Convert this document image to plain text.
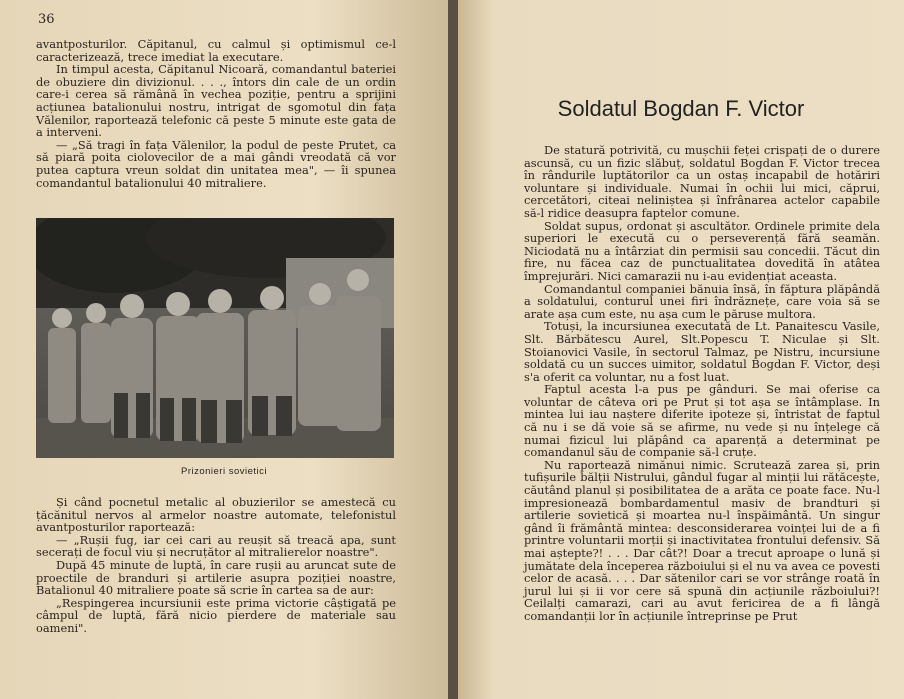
36

avantposturilor. Căpitanul, cu calmul și optimismul ce-l caracterizează, trece imediat la executare.

In timpul acesta, Căpitanul Nicoară, comandantul bateriei de obuziere din divizionul. . . ., întors din cale de un ordin care-i cerea să rămână în vechea poziție, pentru a sprijini acțiunea batalionului nostru, intrigat de sgomotul din fața Vălenilor, raportează telefonic că peste 5 minute este gata de a interveni.

— „Să tragi în fața Vălenilor, la podul de peste Prutet, ca să piară poita ciolovecilor de a mai gândi vreodată că vor putea captura vreun soldat din unitatea mea", — îi spunea comandantul batalionului 40 mitraliere.

Prizonieri sovietici

Și când pocnetul metalic al obuzierilor se amestecă cu țăcănitul nervos al armelor noastre automate, telefonistul avantposturilor raportează:

— „Rușii fug, iar cei cari au reușit să treacă apa, sunt secerați de focul viu și necruțător al mitralierelor noastre".

După 45 minute de luptă, în care rușii au aruncat sute de proectile de branduri și artilerie asupra poziției noastre, Batalionul 40 mitraliere poate să scrie în cartea sa de aur:

„Respingerea incursiunii este prima victorie câștigată pe câmpul de luptă, fără nicio pierdere de materiale sau oameni".

Soldatul Bogdan F. Victor

De statură potrivită, cu mușchii feței crispați de o durere ascunsă, cu un fizic slăbuț, soldatul Bogdan F. Victor trecea în rândurile luptătorilor ca un ostaș incapabil de hotăriri voluntare și individuale. Numai în ochii lui mici, căprui, cercetători, citeai neliniștea și înfrânarea actelor capabile să-l ridice deasupra faptelor comune.

Soldat supus, ordonat și ascultător. Ordinele primite dela superiori le execută cu o perseverență fără seamăn. Niciodată nu a întârziat din permisii sau concedii. Tăcut din fire, nu făcea caz de punctualitatea dovedită în atâtea împrejurări. Nici camarazii nu i-au evidențiat aceasta.

Comandantul companiei bănuia însă, în făptura plăpândă a soldatului, conturul unei firi îndrăznețe, care voia să se arate așa cum este, nu așa cum le păruse multora.

Totuși, la incursiunea executată de Lt. Panaitescu Vasile, Slt. Bărbătescu Aurel, Slt.Popescu T. Niculae și Slt. Stoianovici Vasile, în sectorul Talmaz, pe Nistru, incursiune soldată cu un succes uimitor, soldatul Bogdan F. Victor, deși s'a oferit ca voluntar, nu a fost luat.

Faptul acesta l-a pus pe gânduri. Se mai oferise ca voluntar de câteva ori pe Prut și tot așa se întâmplase. In mintea lui iau naștere diferite ipoteze și, întristat de faptul că nu i se dă voie să se afirme, nu vede și nu înțelege că numai fizicul lui plăpând ca aparență a determinat pe comandanul său de companie să-l cruțe.

Nu raportează nimănui nimic. Scrutează zarea și, prin tufișurile bălții Nistrului, gândul fugar al minții lui rătăcește, căutând planul și posibilitatea de a arăta ce poate face. Nu-l impresionează bombardamentul masiv de brandturi și artilerie sovietică și moartea nu-l înspăimântă. Un singur gând îi frământă mintea: desconsiderarea voinței lui de a fi printre voluntarii morții și inactivitatea frontului defensiv. Să mai aștepte?! . . . Dar cât?! Doar a trecut aproape o lună și jumătate dela începerea războiului și el nu va avea ce povesti celor de acasă. . . . Dar sătenilor cari se vor strânge roată în jurul lui și ii vor cere să spună din acțiunile războiului?! Ceilalți camarazi, cari au avut fericirea de a fi lângă comandanții lor în acțiunile întreprinse pe Prut
